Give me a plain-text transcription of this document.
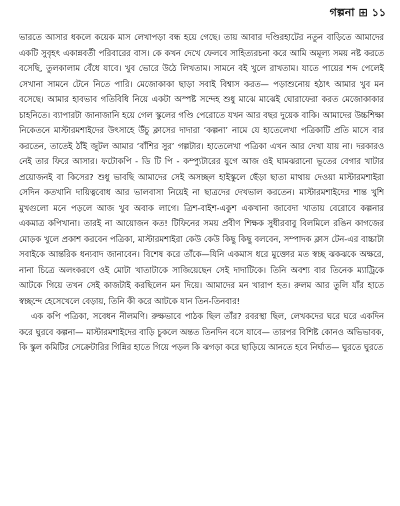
গল্পনা ⊞ ১১

ভারতে আসার ধকলে কয়েক মাস লেখাপড়া বন্ধ হয়ে গেছে। তায় আবার দণ্ডিরহাটের নতুন বাড়িতে আমাদের একটি সুবৃহৎ একান্নবর্তী পরিবারের বাস। কে কখন দেখে ফেলবে সাহিত্যরচনা করে আমি অমূল্য সময় নষ্ট করতে বসেছি, তুলকালাম বেঁধে যাবে। খুব ভোরে উঠে লিখতাম। সামনে বই খুলে রাখতাম। যাতে পায়ের শব্দ পেলেই সেখানা সামনে টেনে নিতে পারি। মেজোকাকা ছাড়া সবাই বিশ্বাস করত— পড়াশুনোয় হঠাৎ আমার খুব মন বসেছে। আমার হাবভাব গতিবিধি নিয়ে একটা অস্পষ্ট সন্দেহ শুধু মাঝে মাঝেই ঘোরাফেরা করত মেজোকাকার চাহনিতে। ব্যাপারটা জানাজানি হয়ে গেল স্কুলের গণ্ডি পেরোতে যখন আর বছর দুয়েক বাকি। আমাদের উচ্চশিক্ষা নিকেতনে মাস্টারমশাইদের উৎসাহে উঁচু ক্লাসের দাদারা ‘কল্পনা’ নামে যে হাতেলেখা পত্রিকাটি প্রতি মাসে বার করতেন, তাতেই ঠাঁই জুটল আমার ‘বাঁশির সুর’ গল্পটার। হাতেলেখা পত্রিকা এখন আর দেখা যায় না। দরকারও নেই তার ফিরে আসার। ফটোকপি - ডি টি পি - কম্প্যুটারের যুগে আজ ওই ঘামঝরানো ভূতের বেগার খাটার প্রয়োজনই বা কিসের? শুধু ভাবছি আমাদের সেই অসচ্ছল হাইস্কুলে ছেঁড়া ছাতা মাথায় দেওয়া মাস্টারমশাইরা সেদিন কতখানি দায়িত্ববোধ আর ভালবাসা নিয়েই না ছাত্রদের দেখভাল করতেন। মাস্টারমশাইদের শান্ত খুশি মুখগুলো মনে পড়লে আজ খুব অবাক লাগে। ত্রিশ-বাইশ-একুশ একখানা জাবেদা খাতায় বেরোবে কল্পনার একমাত্র কপিখানা। তারই না আয়োজন কত! টিফিনের সময় প্রবীণ শিক্ষক সুধীরবাবু বিলমিলে রঙিন কাগজের মোড়ক খুলে প্রকাশ করবেন পত্রিকা, মাস্টারমশাইরা কেউ কেউ কিছু কিছু বলবেন, সম্পাদক ক্লাস টেন-এর বাচ্চাটা সবাইকে আন্তরিক ধন্যবাদ জানাবেন। বিশেষ করে তাঁকে—যিনি একমাস ধরে মুক্তোর মত স্বচ্ছ ঝকঝকে অক্ষরে, নানা চিত্রে অলংকরণে ওই মোটা খাতাটাকে সাজিয়েছেন সেই দাদাটিকে। তিনি অবশ্য বার তিনেক ম্যাট্রিকে আটকে গিয়ে তখন সেই কাজটাই করছিলেন মন দিয়ে। আমাদের মন খারাপ হত। রুলম আর তুলি যাঁর হাতে স্বচ্ছন্দে হেসেখেলে বেড়ায়, তিনি কী করে আটকে যান তিন-তিনবার!

এক কপি পত্রিকা, সবেধন নীলমণি। রুক্ষভাবে পাঠক ছিল তাঁর? রবরস্থা ছিল, লেখকদের ঘরে ঘরে একদিন করে ঘুরবে কল্পনা— মাস্টারমশাইদের বাড়ি চুকলে অন্তত তিনদিন বসে যাবে— তারপর বিশিষ্ট কোনও অভিভাবক, কি স্কুল কমিটির সেক্রেটারির গিন্নির হাতে গিয়ে পড়ল কি ঝগড়া করে ছাড়িয়ে আনতে হবে নির্ঘাত— ঘুরতে ঘুরতে
